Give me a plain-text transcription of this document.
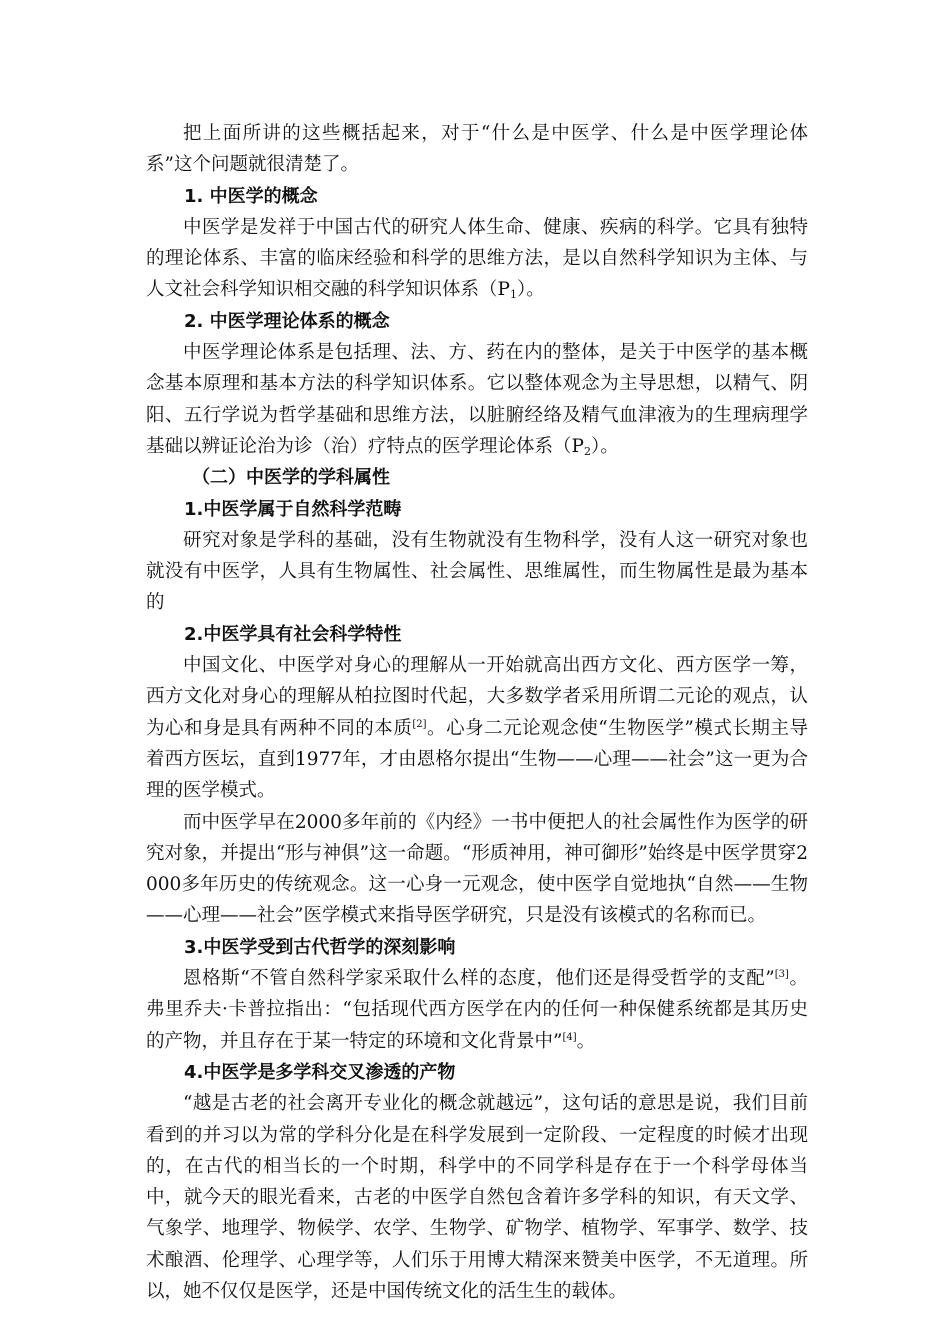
把上面所讲的这些概括起来，对于“什么是中医学、什么是中医学理论体系”这个问题就很清楚了。

1. 中医学的概念

中医学是发祥于中国古代的研究人体生命、健康、疾病的科学。它具有独特的理论体系、丰富的临床经验和科学的思维方法，是以自然科学知识为主体、与人文社会科学知识相交融的科学知识体系（P1）。

2. 中医学理论体系的概念

中医学理论体系是包括理、法、方、药在内的整体，是关于中医学的基本概念基本原理和基本方法的科学知识体系。它以整体观念为主导思想，以精气、阴阳、五行学说为哲学基础和思维方法，以脏腑经络及精气血津液为的生理病理学基础以辨证论治为诊（治）疗特点的医学理论体系（P2）。

（二）中医学的学科属性

1.中医学属于自然科学范畴

研究对象是学科的基础，没有生物就没有生物科学，没有人这一研究对象也就没有中医学，人具有生物属性、社会属性、思维属性，而生物属性是最为基本的

2.中医学具有社会科学特性

中国文化、中医学对身心的理解从一开始就高出西方文化、西方医学一筹，西方文化对身心的理解从柏拉图时代起，大多数学者采用所谓二元论的观点，认为心和身是具有两种不同的本质[2]。心身二元论观念使“生物医学”模式长期主导着西方医坛，直到1977年，才由恩格尔提出“生物——心理——社会”这一更为合理的医学模式。

而中医学早在2000多年前的《内经》一书中便把人的社会属性作为医学的研究对象，并提出“形与神俱”这一命题。“形质神用，神可御形”始终是中医学贯穿2000多年历史的传统观念。这一心身一元观念，使中医学自觉地执“自然——生物——心理——社会”医学模式来指导医学研究，只是没有该模式的名称而已。

3.中医学受到古代哲学的深刻影响

恩格斯“不管自然科学家采取什么样的态度，他们还是得受哲学的支配”[3]。弗里乔夫·卡普拉指出：“包括现代西方医学在内的任何一种保健系统都是其历史的产物，并且存在于某一特定的环境和文化背景中”[4]。

4.中医学是多学科交叉渗透的产物

“越是古老的社会离开专业化的概念就越远”，这句话的意思是说，我们目前看到的并习以为常的学科分化是在科学发展到一定阶段、一定程度的时候才出现的，在古代的相当长的一个时期，科学中的不同学科是存在于一个科学母体当中，就今天的眼光看来，古老的中医学自然包含着许多学科的知识，有天文学、气象学、地理学、物候学、农学、生物学、矿物学、植物学、军事学、数学、技术酿酒、伦理学、心理学等，人们乐于用博大精深来赞美中医学，不无道理。所以，她不仅仅是医学，还是中国传统文化的活生生的载体。
